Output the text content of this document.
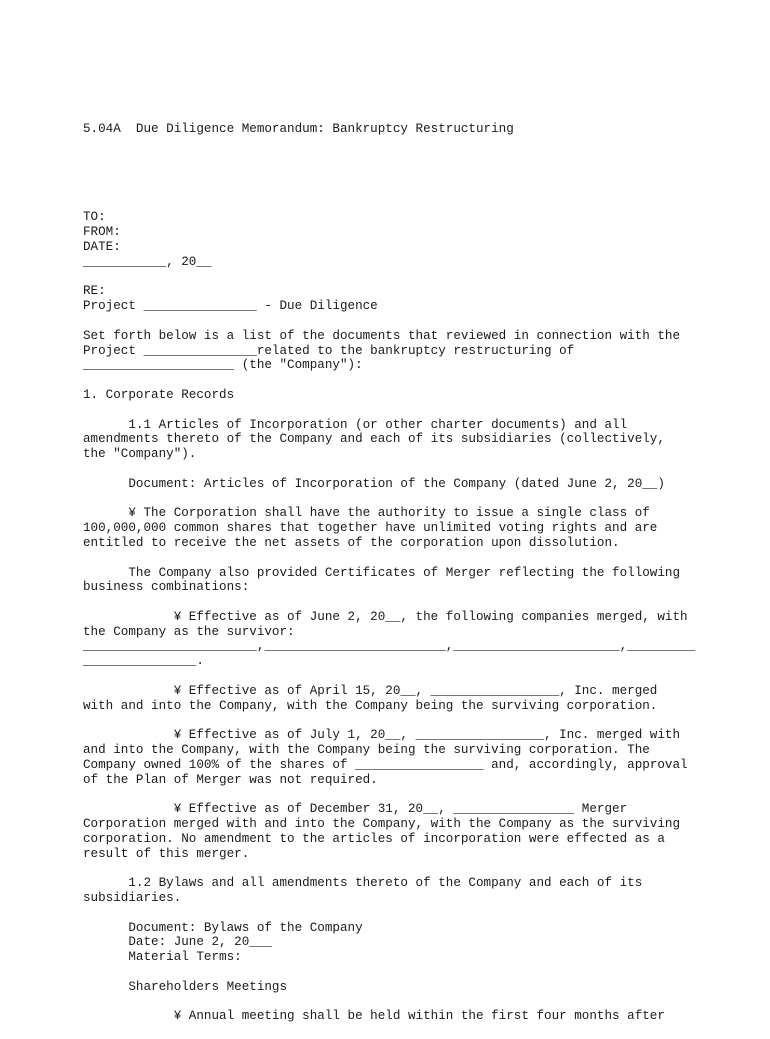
5.04A  Due Diligence Memorandum: Bankruptcy Restructuring

TO:
FROM:
DATE:
___________, 20__
RE:
Project _______________ - Due Diligence
Set forth below is a list of the documents that reviewed in connection with the
Project _______________related to the bankruptcy restructuring of
____________________ (the "Company"):
1. Corporate Records
1.1 Articles of Incorporation (or other charter documents) and all
amendments thereto of the Company and each of its subsidiaries (collectively,
the "Company").
Document: Articles of Incorporation of the Company (dated June 2, 20__)
¥ The Corporation shall have the authority to issue a single class of
100,000,000 common shares that together have unlimited voting rights and are
entitled to receive the net assets of the corporation upon dissolution.
The Company also provided Certificates of Merger reflecting the following
business combinations:
¥ Effective as of June 2, 20__, the following companies merged, with
the Company as the survivor:
_______________________,________________________,______________________,_________
_______________.
¥ Effective as of April 15, 20__, _________________, Inc. merged
with and into the Company, with the Company being the surviving corporation.
¥ Effective as of July 1, 20__, _________________, Inc. merged with
and into the Company, with the Company being the surviving corporation. The
Company owned 100% of the shares of _________________ and, accordingly, approval
of the Plan of Merger was not required.
¥ Effective as of December 31, 20__, ________________ Merger
Corporation merged with and into the Company, with the Company as the surviving
corporation. No amendment to the articles of incorporation were effected as a
result of this merger.
1.2 Bylaws and all amendments thereto of the Company and each of its
subsidiaries.
Document: Bylaws of the Company
Date: June 2, 20___
Material Terms:
Shareholders Meetings
¥ Annual meeting shall be held within the first four months after
